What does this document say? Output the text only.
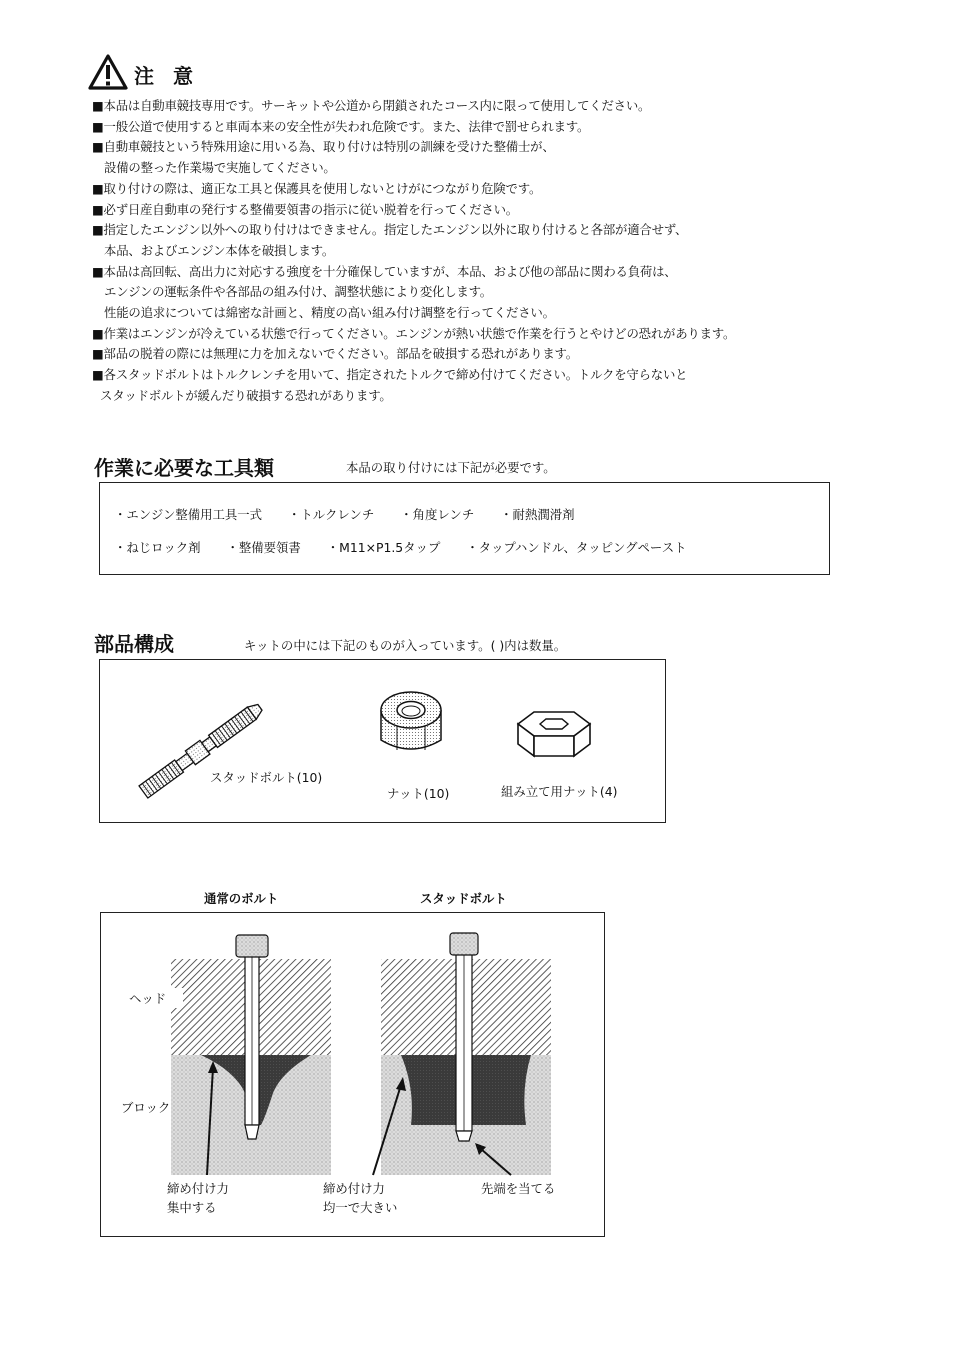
注 意
■本品は自動車競技専用です。サーキットや公道から閉鎖されたコース内に限って使用してください。
■一般公道で使用すると車両本来の安全性が失われ危険です。また、法律で罰せられます。
■自動車競技という特殊用途に用いる為、取り付けは特別の訓練を受けた整備士が、
設備の整った作業場で実施してください。
■取り付けの際は、適正な工具と保護具を使用しないとけがにつながり危険です。
■必ず日産自動車の発行する整備要領書の指示に従い脱着を行ってください。
■指定したエンジン以外への取り付けはできません。指定したエンジン以外に取り付けると各部が適合せず、
本品、およびエンジン本体を破損します。
■本品は高回転、高出力に対応する強度を十分確保していますが、本品、および他の部品に関わる負荷は、
エンジンの運転条件や各部品の組み付け、調整状態により変化します。
性能の追求については綿密な計画と、精度の高い組み付け調整を行ってください。
■作業はエンジンが冷えている状態で行ってください。エンジンが熱い状態で作業を行うとやけどの恐れがあります。
■部品の脱着の際には無理に力を加えないでください。部品を破損する恐れがあります。
■各スタッドボルトはトルクレンチを用いて、指定されたトルクで締め付けてください。トルクを守らないと
スタッドボルトが緩んだり破損する恐れがあります。
作業に必要な工具類	本品の取り付けには下記が必要です。
・エンジン整備用工具一式 ・トルクレンチ ・角度レンチ ・耐熱潤滑剤
・ねじロック剤 ・整備要領書 ・M11×P1.5タップ ・タップハンドル、タッピングペースト
部品構成	キットの中には下記のものが入っています。( )内は数量。
スタッドボルト(10)
ナット(10)	組み立て用ナット(4)
通常のボルト	スタッドボルト
ヘッド
ブロック
締め付け力
集中する
締め付け力
均一で大きい
先端を当てる
